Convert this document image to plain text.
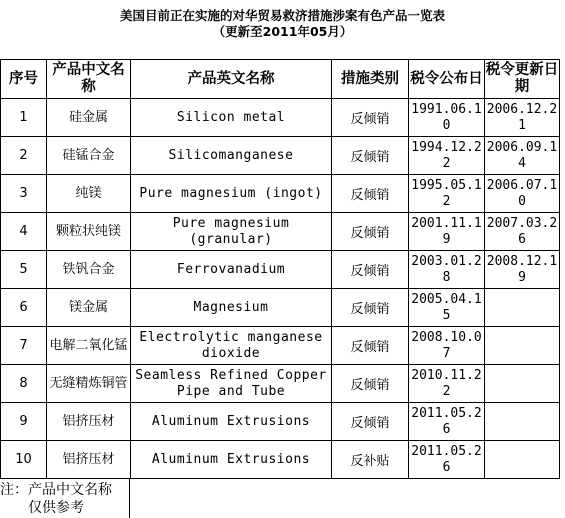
美国目前正在实施的对华贸易救济措施涉案有色产品一览表
（更新至2011年05月）
序号	产品中文名称	产品英文名称	措施类别	税令公布日	税令更新日期
1	硅金属	Silicon metal	反倾销	1991.06.10	2006.12.21
2	硅锰合金	Silicomanganese	反倾销	1994.12.22	2006.09.14
3	纯镁	Pure magnesium (ingot)	反倾销	1995.05.12	2006.07.10
4	颗粒状纯镁	Pure magnesium (granular)	反倾销	2001.11.19	2007.03.26
5	铁钒合金	Ferrovanadium	反倾销	2003.01.28	2008.12.19
6	镁金属	Magnesium	反倾销	2005.04.15	
7	电解二氧化锰	Electrolytic manganese dioxide	反倾销	2008.10.07	
8	无缝精炼铜管	Seamless Refined Copper Pipe and Tube	反倾销	2010.11.22	
9	铝挤压材	Aluminum Extrusions	反倾销	2011.05.26	
10	铝挤压材	Aluminum Extrusions	反补贴	2011.05.26	
注：产品中文名称
仅供参考
